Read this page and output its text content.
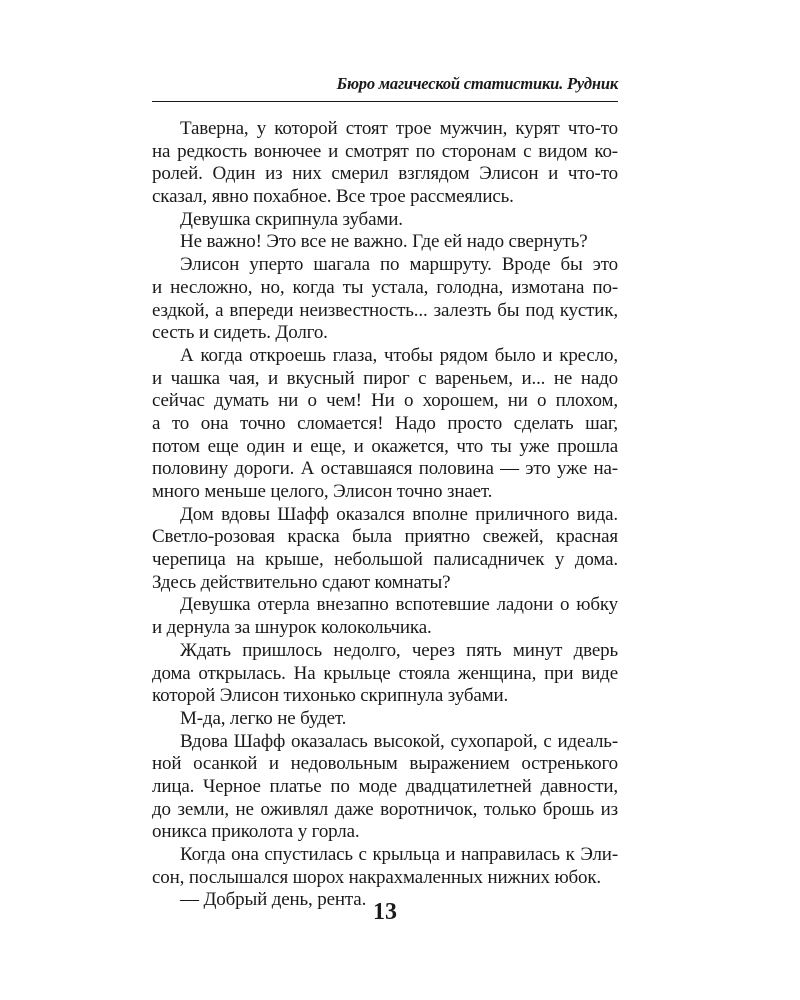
Бюро магической статистики. Рудник
Таверна, у которой стоят трое мужчин, курят что-то
на редкость вонючее и смотрят по сторонам с видом ко-
ролей. Один из них смерил взглядом Элисон и что-то
сказал, явно похабное. Все трое рассмеялись.
Девушка скрипнула зубами.
Не важно! Это все не важно. Где ей надо свернуть?
Элисон уперто шагала по маршруту. Вроде бы это
и несложно, но, когда ты устала, голодна, измотана по-
ездкой, а впереди неизвестность... залезть бы под кустик,
сесть и сидеть. Долго.
А когда откроешь глаза, чтобы рядом было и кресло,
и чашка чая, и вкусный пирог с вареньем, и... не надо
сейчас думать ни о чем! Ни о хорошем, ни о плохом,
а то она точно сломается! Надо просто сделать шаг,
потом еще один и еще, и окажется, что ты уже прошла
половину дороги. А оставшаяся половина — это уже на-
много меньше целого, Элисон точно знает.
Дом вдовы Шафф оказался вполне приличного вида.
Светло-розовая краска была приятно свежей, красная
черепица на крыше, небольшой палисадничек у дома.
Здесь действительно сдают комнаты?
Девушка отерла внезапно вспотевшие ладони о юбку
и дернула за шнурок колокольчика.
Ждать пришлось недолго, через пять минут дверь
дома открылась. На крыльце стояла женщина, при виде
которой Элисон тихонько скрипнула зубами.
М-да, легко не будет.
Вдова Шафф оказалась высокой, сухопарой, с идеаль-
ной осанкой и недовольным выражением остренького
лица. Черное платье по моде двадцатилетней давности,
до земли, не оживлял даже воротничок, только брошь из
оникса приколота у горла.
Когда она спустилась с крыльца и направилась к Эли-
сон, послышался шорох накрахмаленных нижних юбок.
— Добрый день, рента. 13
